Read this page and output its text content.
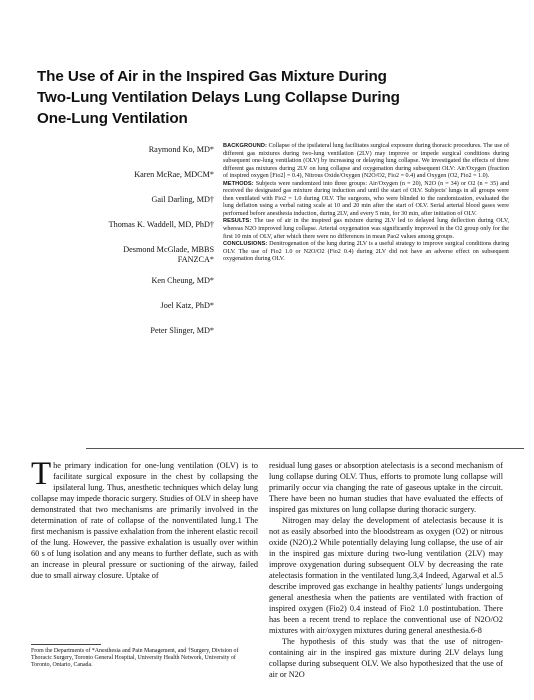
The Use of Air in the Inspired Gas Mixture During
Two-Lung Ventilation Delays Lung Collapse During
One-Lung Ventilation
Raymond Ko, MD*
Karen McRae, MDCM*
Gail Darling, MD†
Thomas K. Waddell, MD, PhD†
Desmond McGlade, MBBS FANZCA*
Ken Cheung, MD*
Joel Katz, PhD*
Peter Slinger, MD*

BACKGROUND: Collapse of the ipsilateral lung facilitates surgical exposure during thoracic procedures. The use of different gas mixtures during two-lung ventilation (2LV) may improve or impede surgical conditions during subsequent one-lung ventilation (OLV) by increasing or delaying lung collapse. We investigated the effects of three different gas mixtures during 2LV on lung collapse and oxygenation during subsequent OLV: Air/Oxygen (fraction of inspired oxygen [Fio2] = 0.4), Nitrous Oxide/Oxygen (N2O/O2, Fio2 = 0.4) and Oxygen (O2, Fio2 = 1.0).

METHODS: Subjects were randomized into three groups: Air/Oxygen (n = 20), N2O (n = 34) or O2 (n = 35) and received the designated gas mixture during induction and until the start of OLV. Subjects' lungs in all groups were then ventilated with Fio2 = 1.0 during OLV. The surgeons, who were blinded to the randomization, evaluated the lung deflation using a verbal rating scale at 10 and 20 min after the start of OLV. Serial arterial blood gases were performed before anesthesia induction, during 2LV, and every 5 min, for 30 min, after initiation of OLV.

RESULTS: The use of air in the inspired gas mixture during 2LV led to delayed lung deflection during OLV, whereas N2O improved lung collapse. Arterial oxygenation was significantly improved in the O2 group only for the first 10 min of OLV, after which there were no differences in mean Pao2 values among groups.

CONCLUSIONS: Denitrogenation of the lung during 2LV is a useful strategy to improve surgical conditions during OLV. The use of Fio2 1.0 or N2O/O2 (Fio2 0.4) during 2LV did not have an adverse effect on subsequent oxygenation during OLV.

The primary indication for one-lung ventilation (OLV) is to facilitate surgical exposure in the chest by collapsing the ipsilateral lung. Thus, anesthetic techniques which delay lung collapse may impede thoracic surgery. Studies of OLV in sheep have demonstrated that two mechanisms are primarily involved in the determination of rate of collapse of the nonventilated lung.1 The first mechanism is passive exhalation from the inherent elastic recoil of the lung. However, the passive exhalation is usually over within 60 s of lung isolation and any means to further deflate, such as with an increase in pleural pressure or suctioning of the airway, failed due to small airway closure. Uptake of

residual lung gases or absorption atelectasis is a second mechanism of lung collapse during OLV. Thus, efforts to promote lung collapse will primarily occur via changing the rate of gaseous uptake in the circuit. There have been no human studies that have evaluated the effects of inspired gas mixtures on lung collapse during thoracic surgery.

Nitrogen may delay the development of atelectasis because it is not as easily absorbed into the bloodstream as oxygen (O2) or nitrous oxide (N2O).2 While potentially delaying lung collapse, the use of air in the inspired gas mixture during two-lung ventilation (2LV) may improve oxygenation during subsequent OLV by decreasing the rate atelectasis formation in the ventilated lung.3,4 Indeed, Agarwal et al.5 describe improved gas exchange in healthy patients' lungs undergoing general anesthesia when the patients are ventilated with fraction of inspired oxygen (Fio2) 0.4 instead of Fio2 1.0 postintubation. There has been a recent trend to replace the conventional use of N2O/O2 mixtures with air/oxygen mixtures during general anesthesia.6-8

The hypothesis of this study was that the use of nitrogen-containing air in the inspired gas mixture during 2LV delays lung collapse during subsequent OLV. We also hypothesized that the use of air or N2O

From the Departments of *Anesthesia and Pain Management, and †Surgery, Division of Thoracic Surgery, Toronto General Hospital, University Health Network, University of Toronto, Ontario, Canada.
